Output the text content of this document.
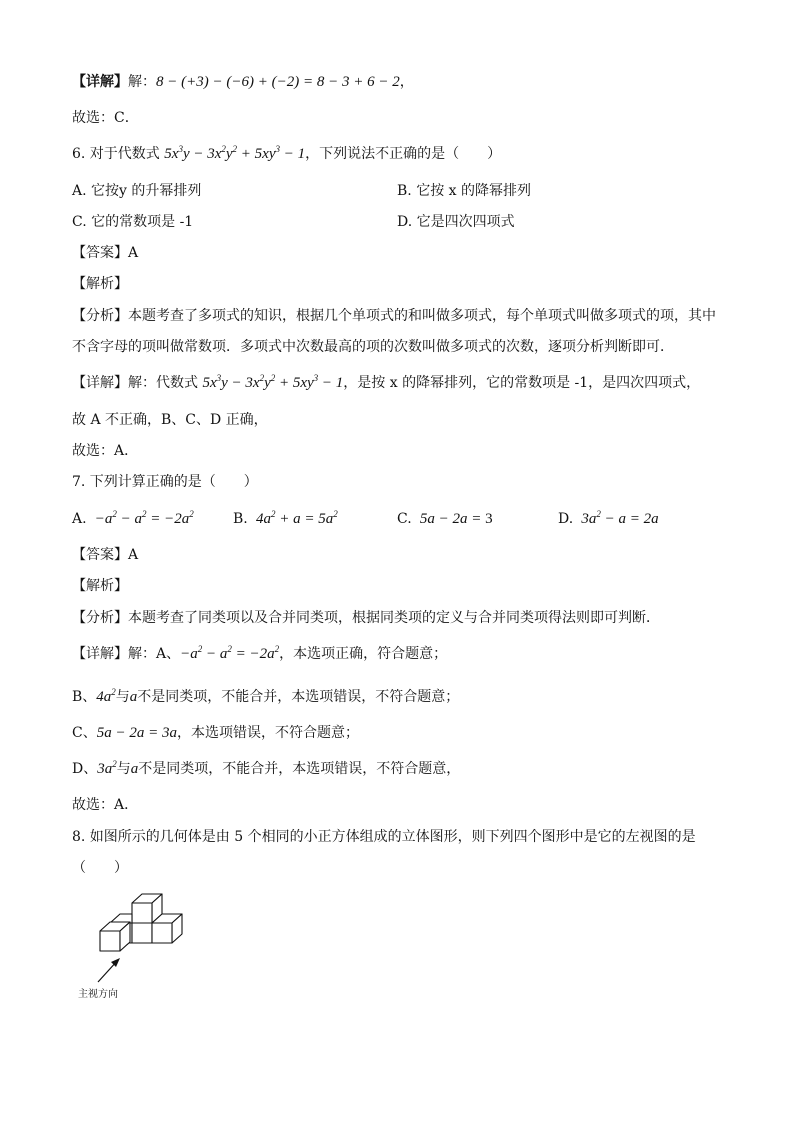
【详解】解：8 − (+3) − (−6) + (−2) = 8 − 3 + 6 − 2，
故选：C．
6. 对于代数式 $5x^3y - 3x^2y^2 + 5xy^3 - 1$，下列说法不正确的是（　　）
A. 它按y 的升幂排列	B. 它按 x 的降幂排列
C. 它的常数项是 -1	D. 它是四次四项式
【答案】A
【解析】
【分析】本题考查了多项式的知识，根据几个单项式的和叫做多项式，每个单项式叫做多项式的项，其中
不含字母的项叫做常数项．多项式中次数最高的项的次数叫做多项式的次数，逐项分析判断即可．
【详解】解：代数式 $5x^3y - 3x^2y^2 + 5xy^3 - 1$，是按 x 的降幂排列，它的常数项是 -1，是四次四项式，
故 A 不正确，B、C、D 正确，
故选：A．
7. 下列计算正确的是（　　）
A.  $-a^2 - a^2 = -2a^2$	B.  $4a^2 + a = 5a^2$	C.  5a − 2a = 3	D.  $3a^2 - a = 2a$
【答案】A
【解析】
【分析】本题考查了同类项以及合并同类项，根据同类项的定义与合并同类项得法则即可判断．
【详解】解：A、$-a^2 - a^2 = -2a^2$，本选项正确，符合题意；
B、$4a^2$与a不是同类项，不能合并，本选项错误，不符合题意；
C、5a − 2a = 3a，本选项错误，不符合题意；
D、$3a^2$与a不是同类项，不能合并，本选项错误，不符合题意，
故选：A．
8. 如图所示的几何体是由 5 个相同的小正方体组成的立体图形，则下列四个图形中是它的左视图的是
（　　）
主视方向
